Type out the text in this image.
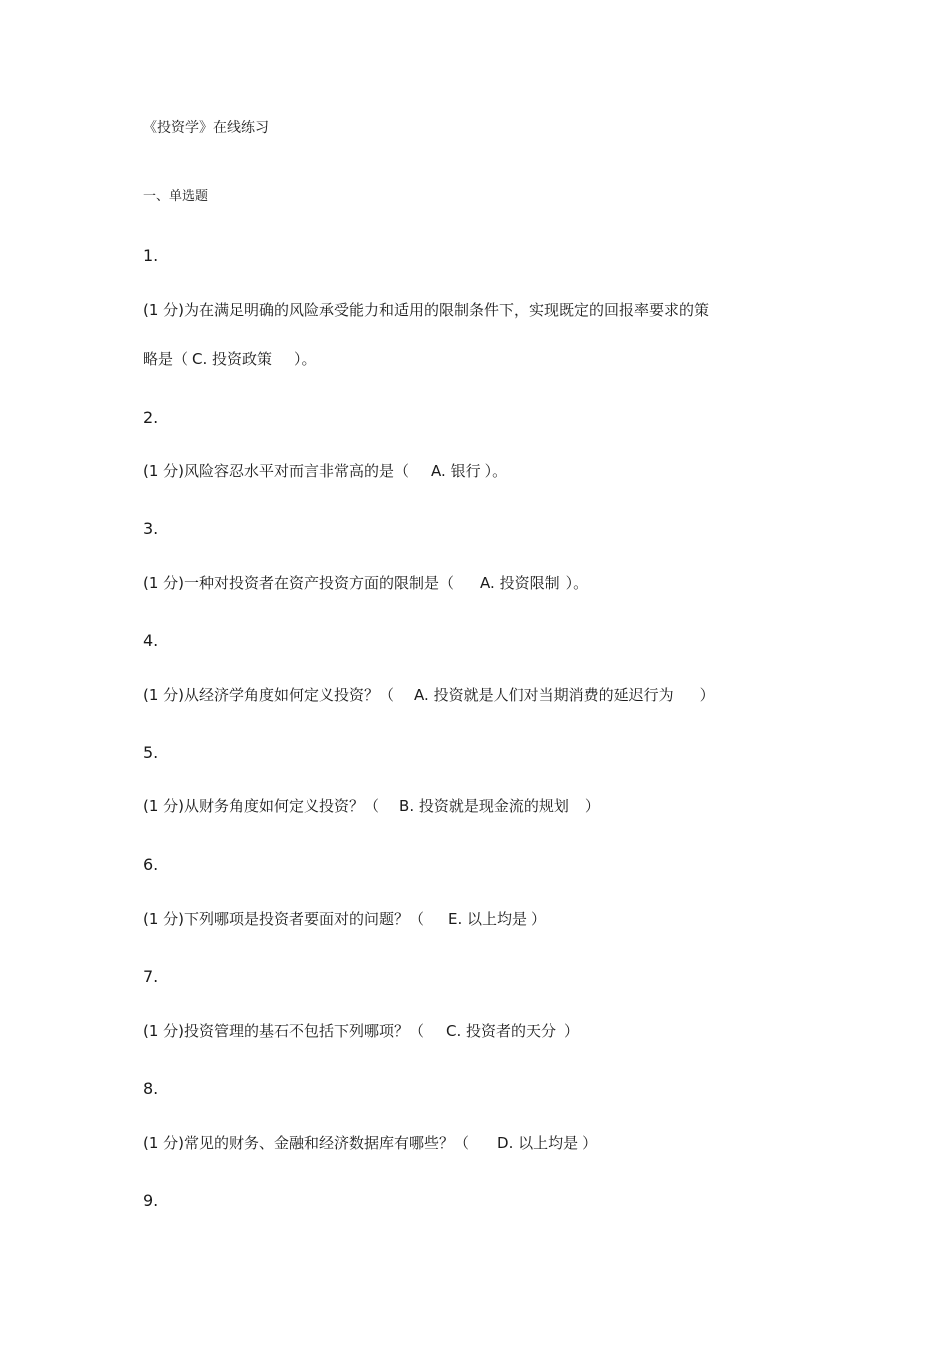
《投资学》在线练习
一、单选题
1.
(1 分)为在满足明确的风险承受能力和适用的限制条件下，实现既定的回报率要求的策
略是（ C. 投资政策 ）。
2.
(1 分)风险容忍水平对而言非常高的是（ A. 银行 ）。
3.
(1 分)一种对投资者在资产投资方面的限制是（ A. 投资限制 ）。
4.
(1 分)从经济学角度如何定义投资？（ A. 投资就是人们对当期消费的延迟行为 ）
5.
(1 分)从财务角度如何定义投资？（ B. 投资就是现金流的规划 ）
6.
(1 分)下列哪项是投资者要面对的问题？（ E. 以上均是 ）
7.
(1 分)投资管理的基石不包括下列哪项？（ C. 投资者的天分 ）
8.
(1 分)常见的财务、金融和经济数据库有哪些？（ D. 以上均是 ）
9.
